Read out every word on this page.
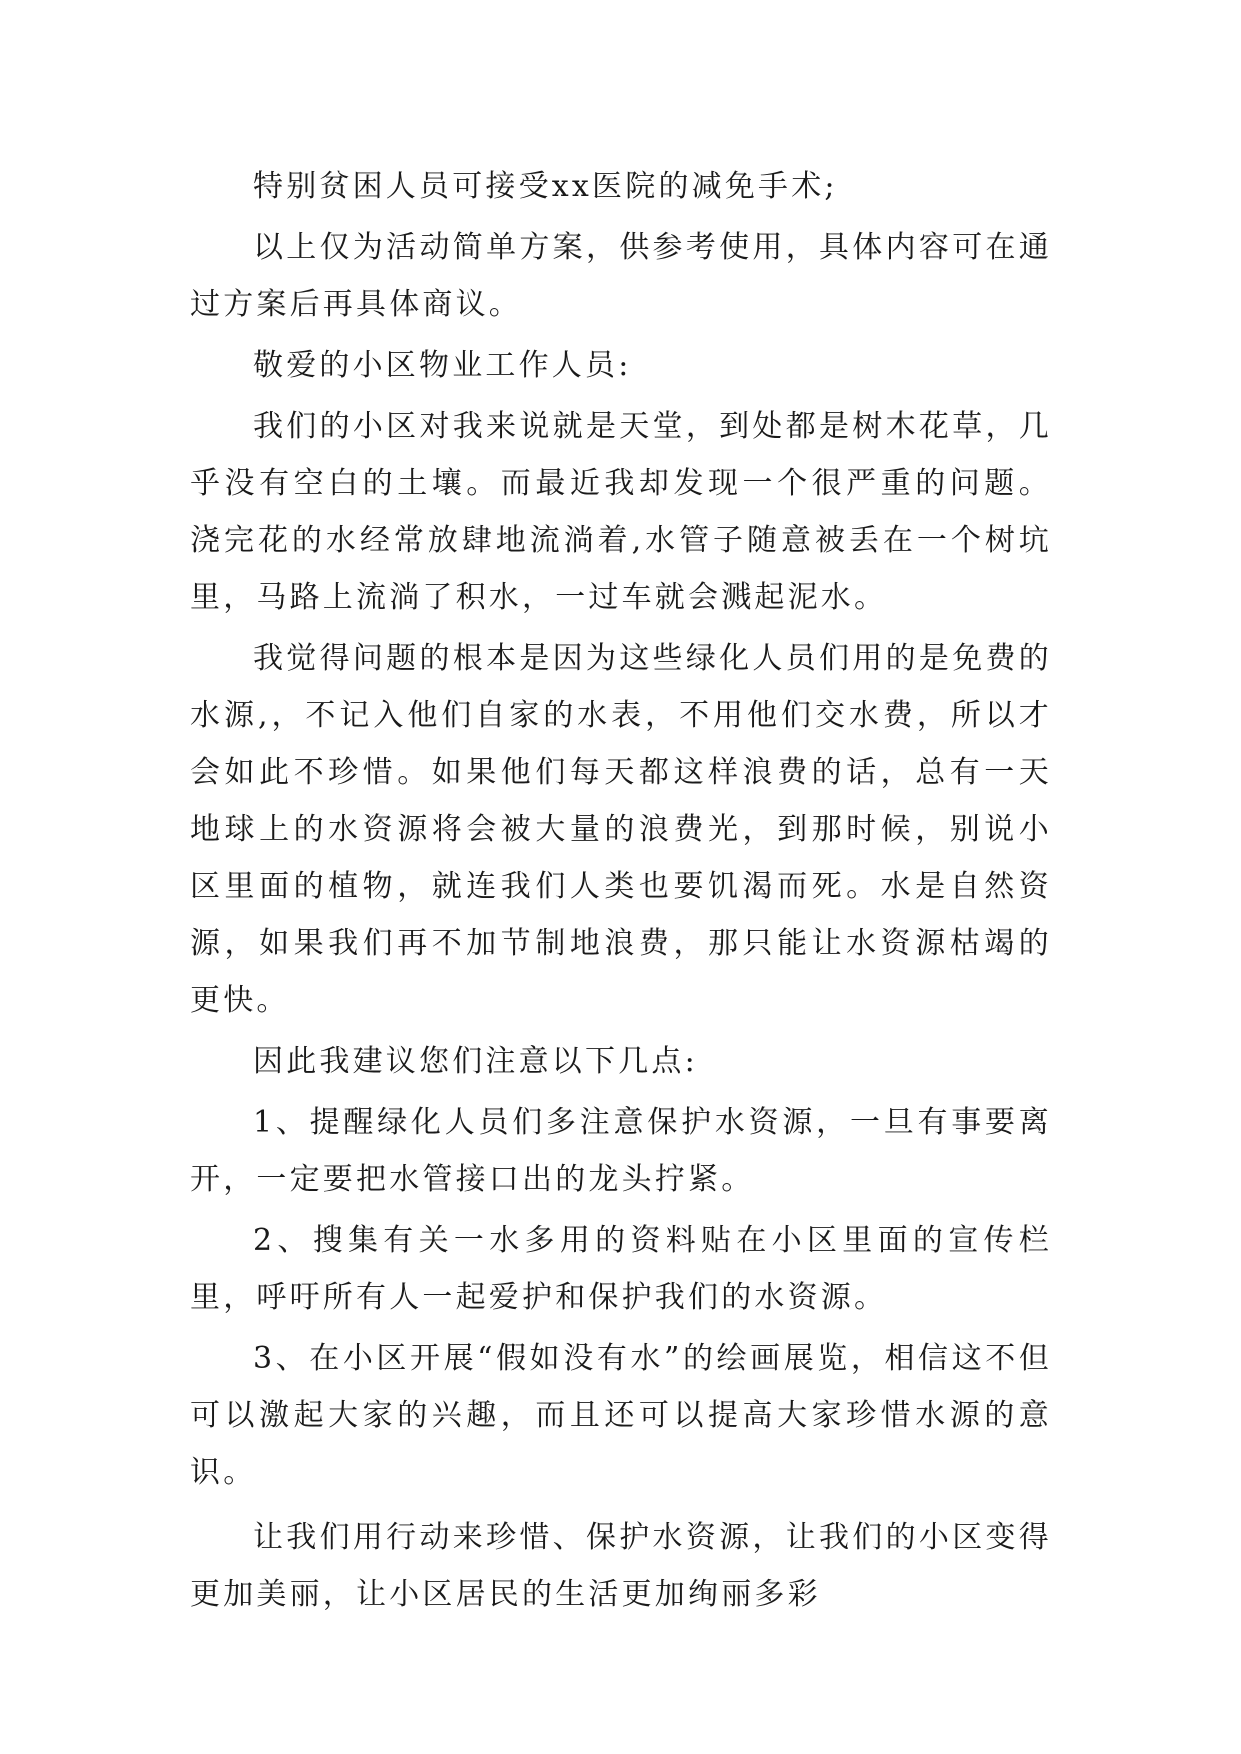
特别贫困人员可接受xx医院的减免手术;

以上仅为活动简单方案，供参考使用，具体内容可在通过方案后再具体商议。

敬爱的小区物业工作人员:

我们的小区对我来说就是天堂，到处都是树木花草，几乎没有空白的土壤。而最近我却发现一个很严重的问题。浇完花的水经常放肆地流淌着,水管子随意被丢在一个树坑里，马路上流淌了积水，一过车就会溅起泥水。

我觉得问题的根本是因为这些绿化人员们用的是免费的水源,，不记入他们自家的水表，不用他们交水费，所以才会如此不珍惜。如果他们每天都这样浪费的话，总有一天地球上的水资源将会被大量的浪费光，到那时候，别说小区里面的植物，就连我们人类也要饥渴而死。水是自然资源，如果我们再不加节制地浪费，那只能让水资源枯竭的更快。

因此我建议您们注意以下几点:

1、提醒绿化人员们多注意保护水资源，一旦有事要离开，一定要把水管接口出的龙头拧紧。

2、搜集有关一水多用的资料贴在小区里面的宣传栏里，呼吁所有人一起爱护和保护我们的水资源。

3、在小区开展“假如没有水”的绘画展览，相信这不但可以激起大家的兴趣，而且还可以提高大家珍惜水源的意识。

让我们用行动来珍惜、保护水资源，让我们的小区变得更加美丽，让小区居民的生活更加绚丽多彩
